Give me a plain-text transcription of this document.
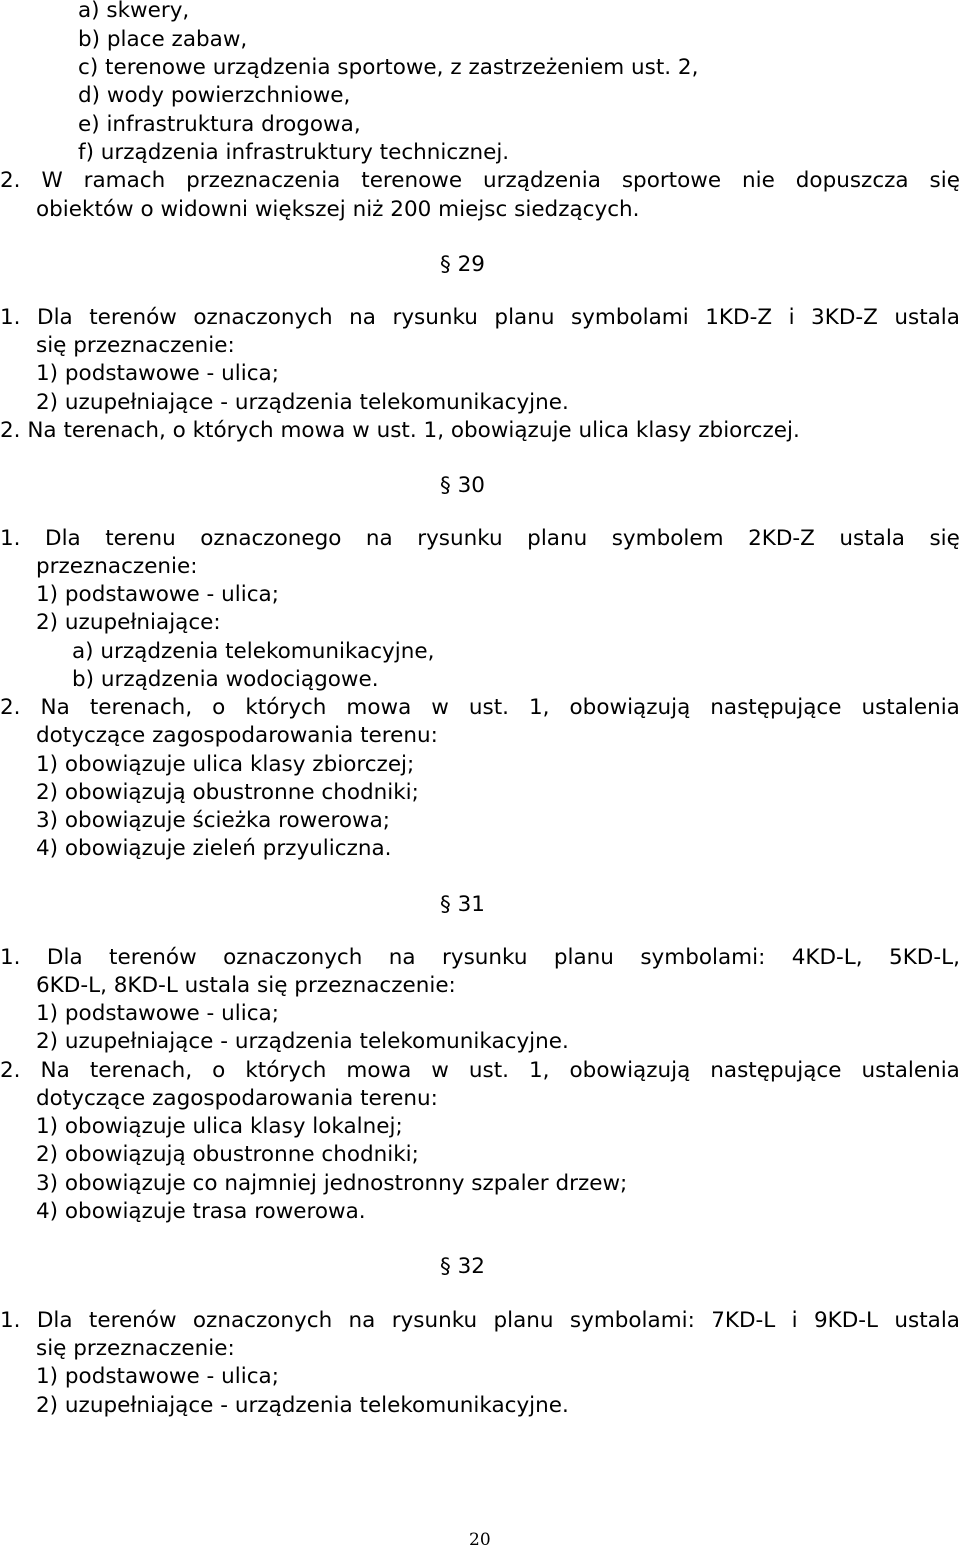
a) skwery,
b) place zabaw,
c) terenowe urządzenia sportowe, z zastrzeżeniem ust. 2,
d) wody powierzchniowe,
e) infrastruktura drogowa,
f) urządzenia infrastruktury technicznej.
2. W ramach przeznaczenia terenowe urządzenia sportowe nie dopuszcza się
obiektów o widowni większej niż 200 miejsc siedzących.
§ 29
1. Dla terenów oznaczonych na rysunku planu symbolami 1KD-Z i 3KD-Z ustala
się przeznaczenie:
1) podstawowe - ulica;
2) uzupełniające - urządzenia telekomunikacyjne.
2. Na terenach, o których mowa w ust. 1, obowiązuje ulica klasy zbiorczej.
§ 30
1. Dla terenu oznaczonego na rysunku planu symbolem 2KD-Z ustala się
przeznaczenie:
1) podstawowe - ulica;
2) uzupełniające:
a) urządzenia telekomunikacyjne,
b) urządzenia wodociągowe.
2. Na terenach, o których mowa w ust. 1, obowiązują następujące ustalenia
dotyczące zagospodarowania terenu:
1) obowiązuje ulica klasy zbiorczej;
2) obowiązują obustronne chodniki;
3) obowiązuje ścieżka rowerowa;
4) obowiązuje zieleń przyuliczna.
§ 31
1. Dla terenów oznaczonych na rysunku planu symbolami: 4KD-L, 5KD-L,
6KD-L, 8KD-L ustala się przeznaczenie:
1) podstawowe - ulica;
2) uzupełniające - urządzenia telekomunikacyjne.
2. Na terenach, o których mowa w ust. 1, obowiązują następujące ustalenia
dotyczące zagospodarowania terenu:
1) obowiązuje ulica klasy lokalnej;
2) obowiązują obustronne chodniki;
3) obowiązuje co najmniej jednostronny szpaler drzew;
4) obowiązuje trasa rowerowa.
§ 32
1. Dla terenów oznaczonych na rysunku planu symbolami: 7KD-L i 9KD-L ustala
się przeznaczenie:
1) podstawowe - ulica;
2) uzupełniające - urządzenia telekomunikacyjne.
20
